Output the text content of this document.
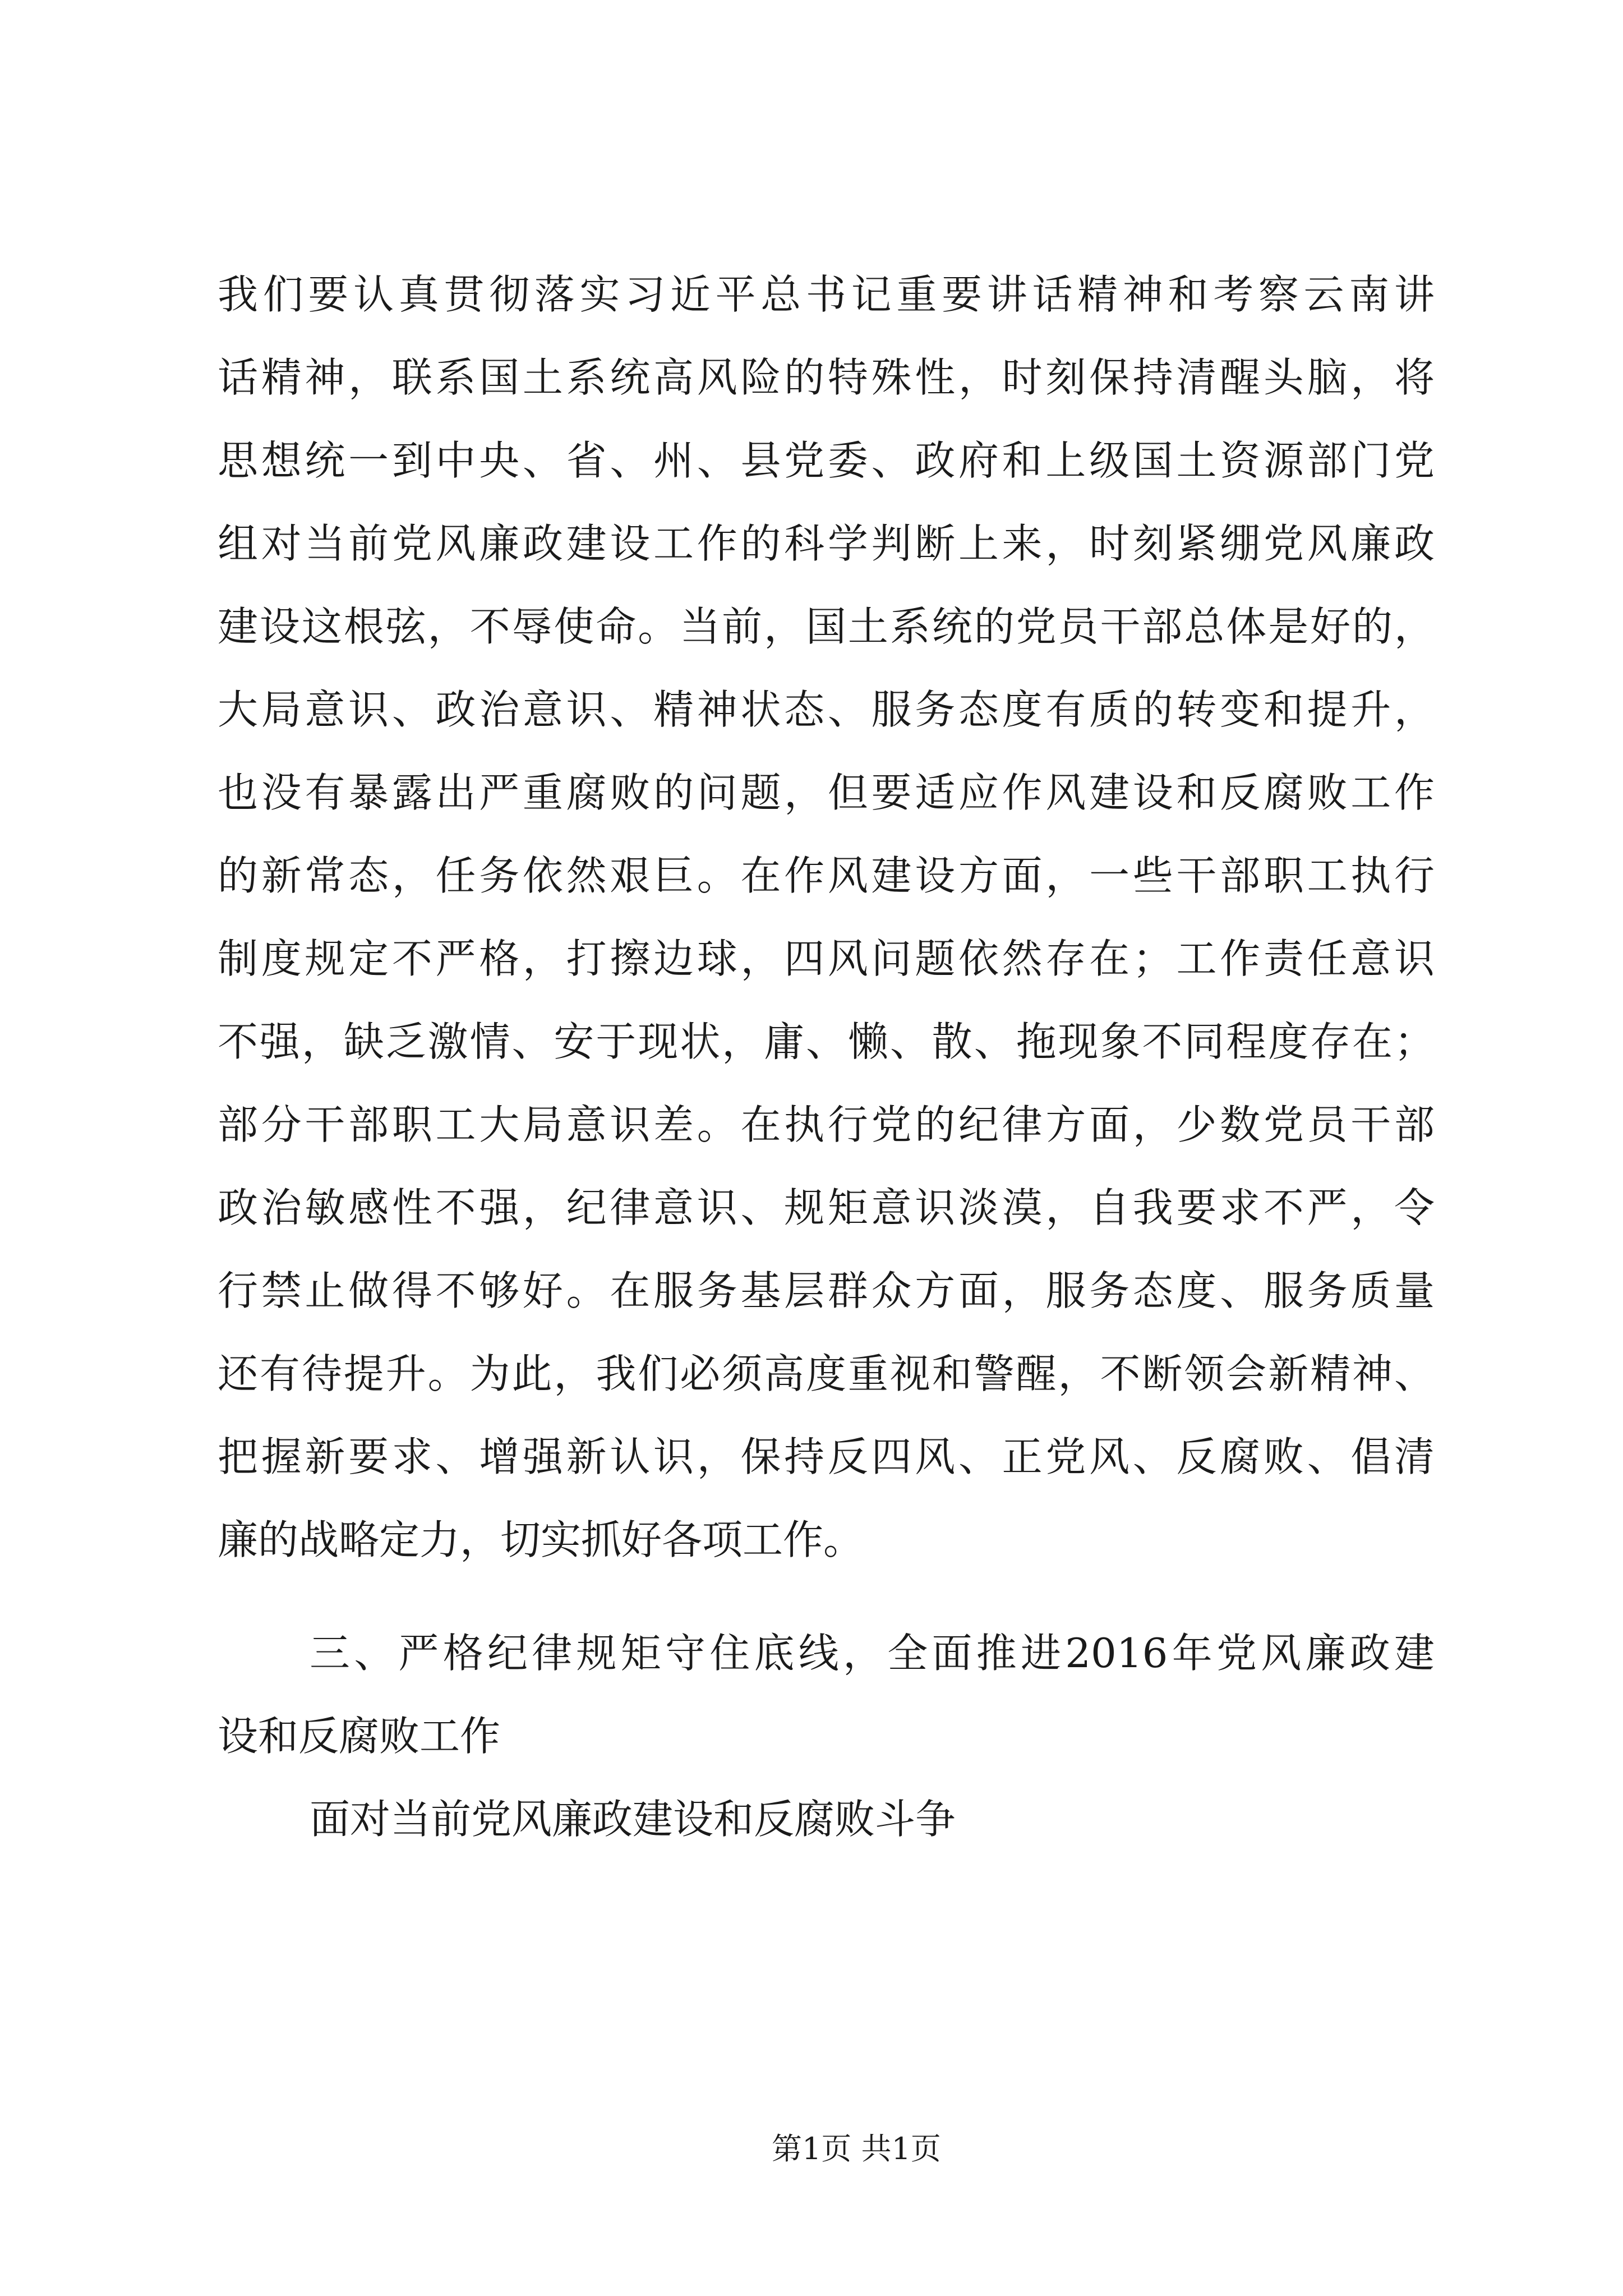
我们要认真贯彻落实习近平总书记重要讲话精神和考察云南讲
话精神，联系国土系统高风险的特殊性，时刻保持清醒头脑，将
思想统一到中央、省、州、县党委、政府和上级国土资源部门党
组对当前党风廉政建设工作的科学判断上来，时刻紧绷党风廉政
建设这根弦，不辱使命。当前，国土系统的党员干部总体是好的，
大局意识、政治意识、精神状态、服务态度有质的转变和提升，
也没有暴露出严重腐败的问题，但要适应作风建设和反腐败工作
的新常态，任务依然艰巨。在作风建设方面，一些干部职工执行
制度规定不严格，打擦边球，四风问题依然存在；工作责任意识
不强，缺乏激情、安于现状，庸、懒、散、拖现象不同程度存在；
部分干部职工大局意识差。在执行党的纪律方面，少数党员干部
政治敏感性不强，纪律意识、规矩意识淡漠，自我要求不严，令
行禁止做得不够好。在服务基层群众方面，服务态度、服务质量
还有待提升。为此，我们必须高度重视和警醒，不断领会新精神、
把握新要求、增强新认识，保持反四风、正党风、反腐败、倡清
廉的战略定力，切实抓好各项工作。
三、严格纪律规矩守住底线，全面推进2016年党风廉政建
设和反腐败工作
面对当前党风廉政建设和反腐败斗争
第1页 共1页
